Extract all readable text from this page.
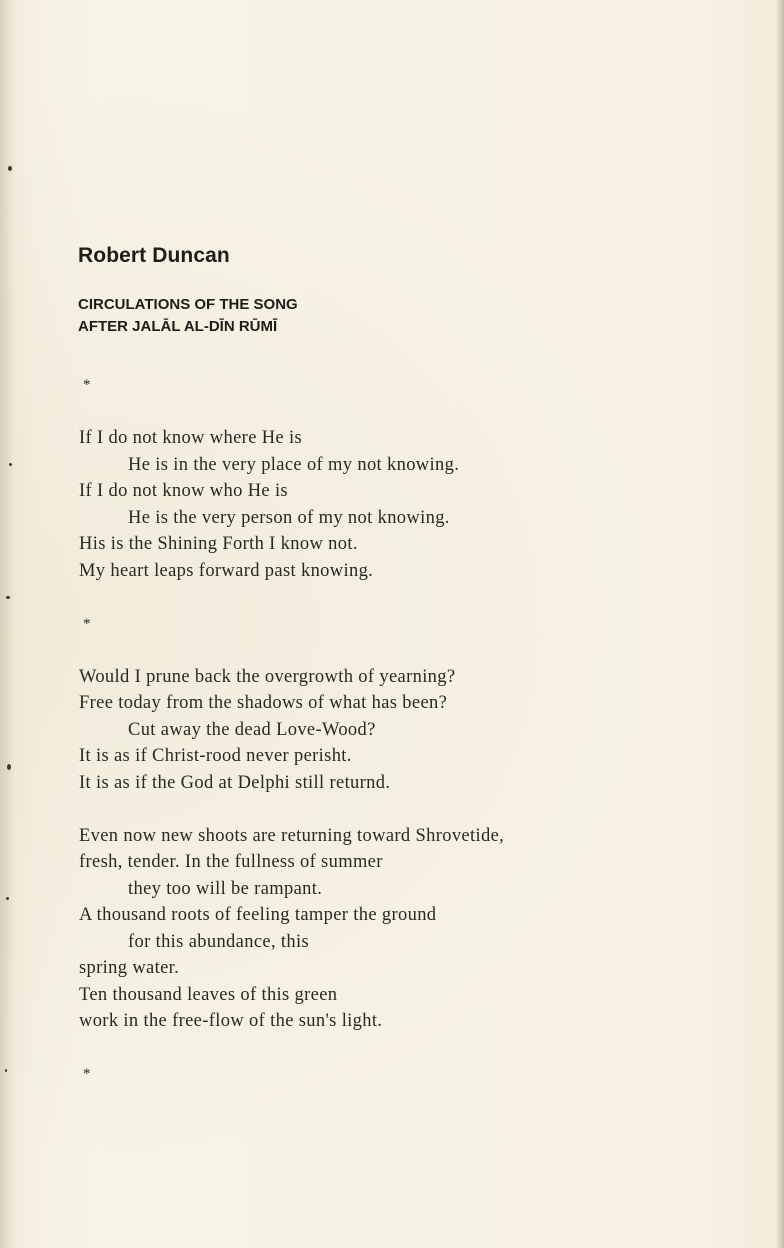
Robert Duncan
CIRCULATIONS OF THE SONG
AFTER JALĀL AL-DĪN RŪMĪ
*
If I do not know where He is
He is in the very place of my not knowing.
If I do not know who He is
He is the very person of my not knowing.
His is the Shining Forth I know not.
My heart leaps forward past knowing.
*
Would I prune back the overgrowth of yearning?
Free today from the shadows of what has been?
Cut away the dead Love-Wood?
It is as if Christ-rood never perisht.
It is as if the God at Delphi still returnd.
Even now new shoots are returning toward Shrovetide,
fresh, tender. In the fullness of summer
they too will be rampant.
A thousand roots of feeling tamper the ground
for this abundance, this
spring water.
Ten thousand leaves of this green
work in the free-flow of the sun's light.
*
